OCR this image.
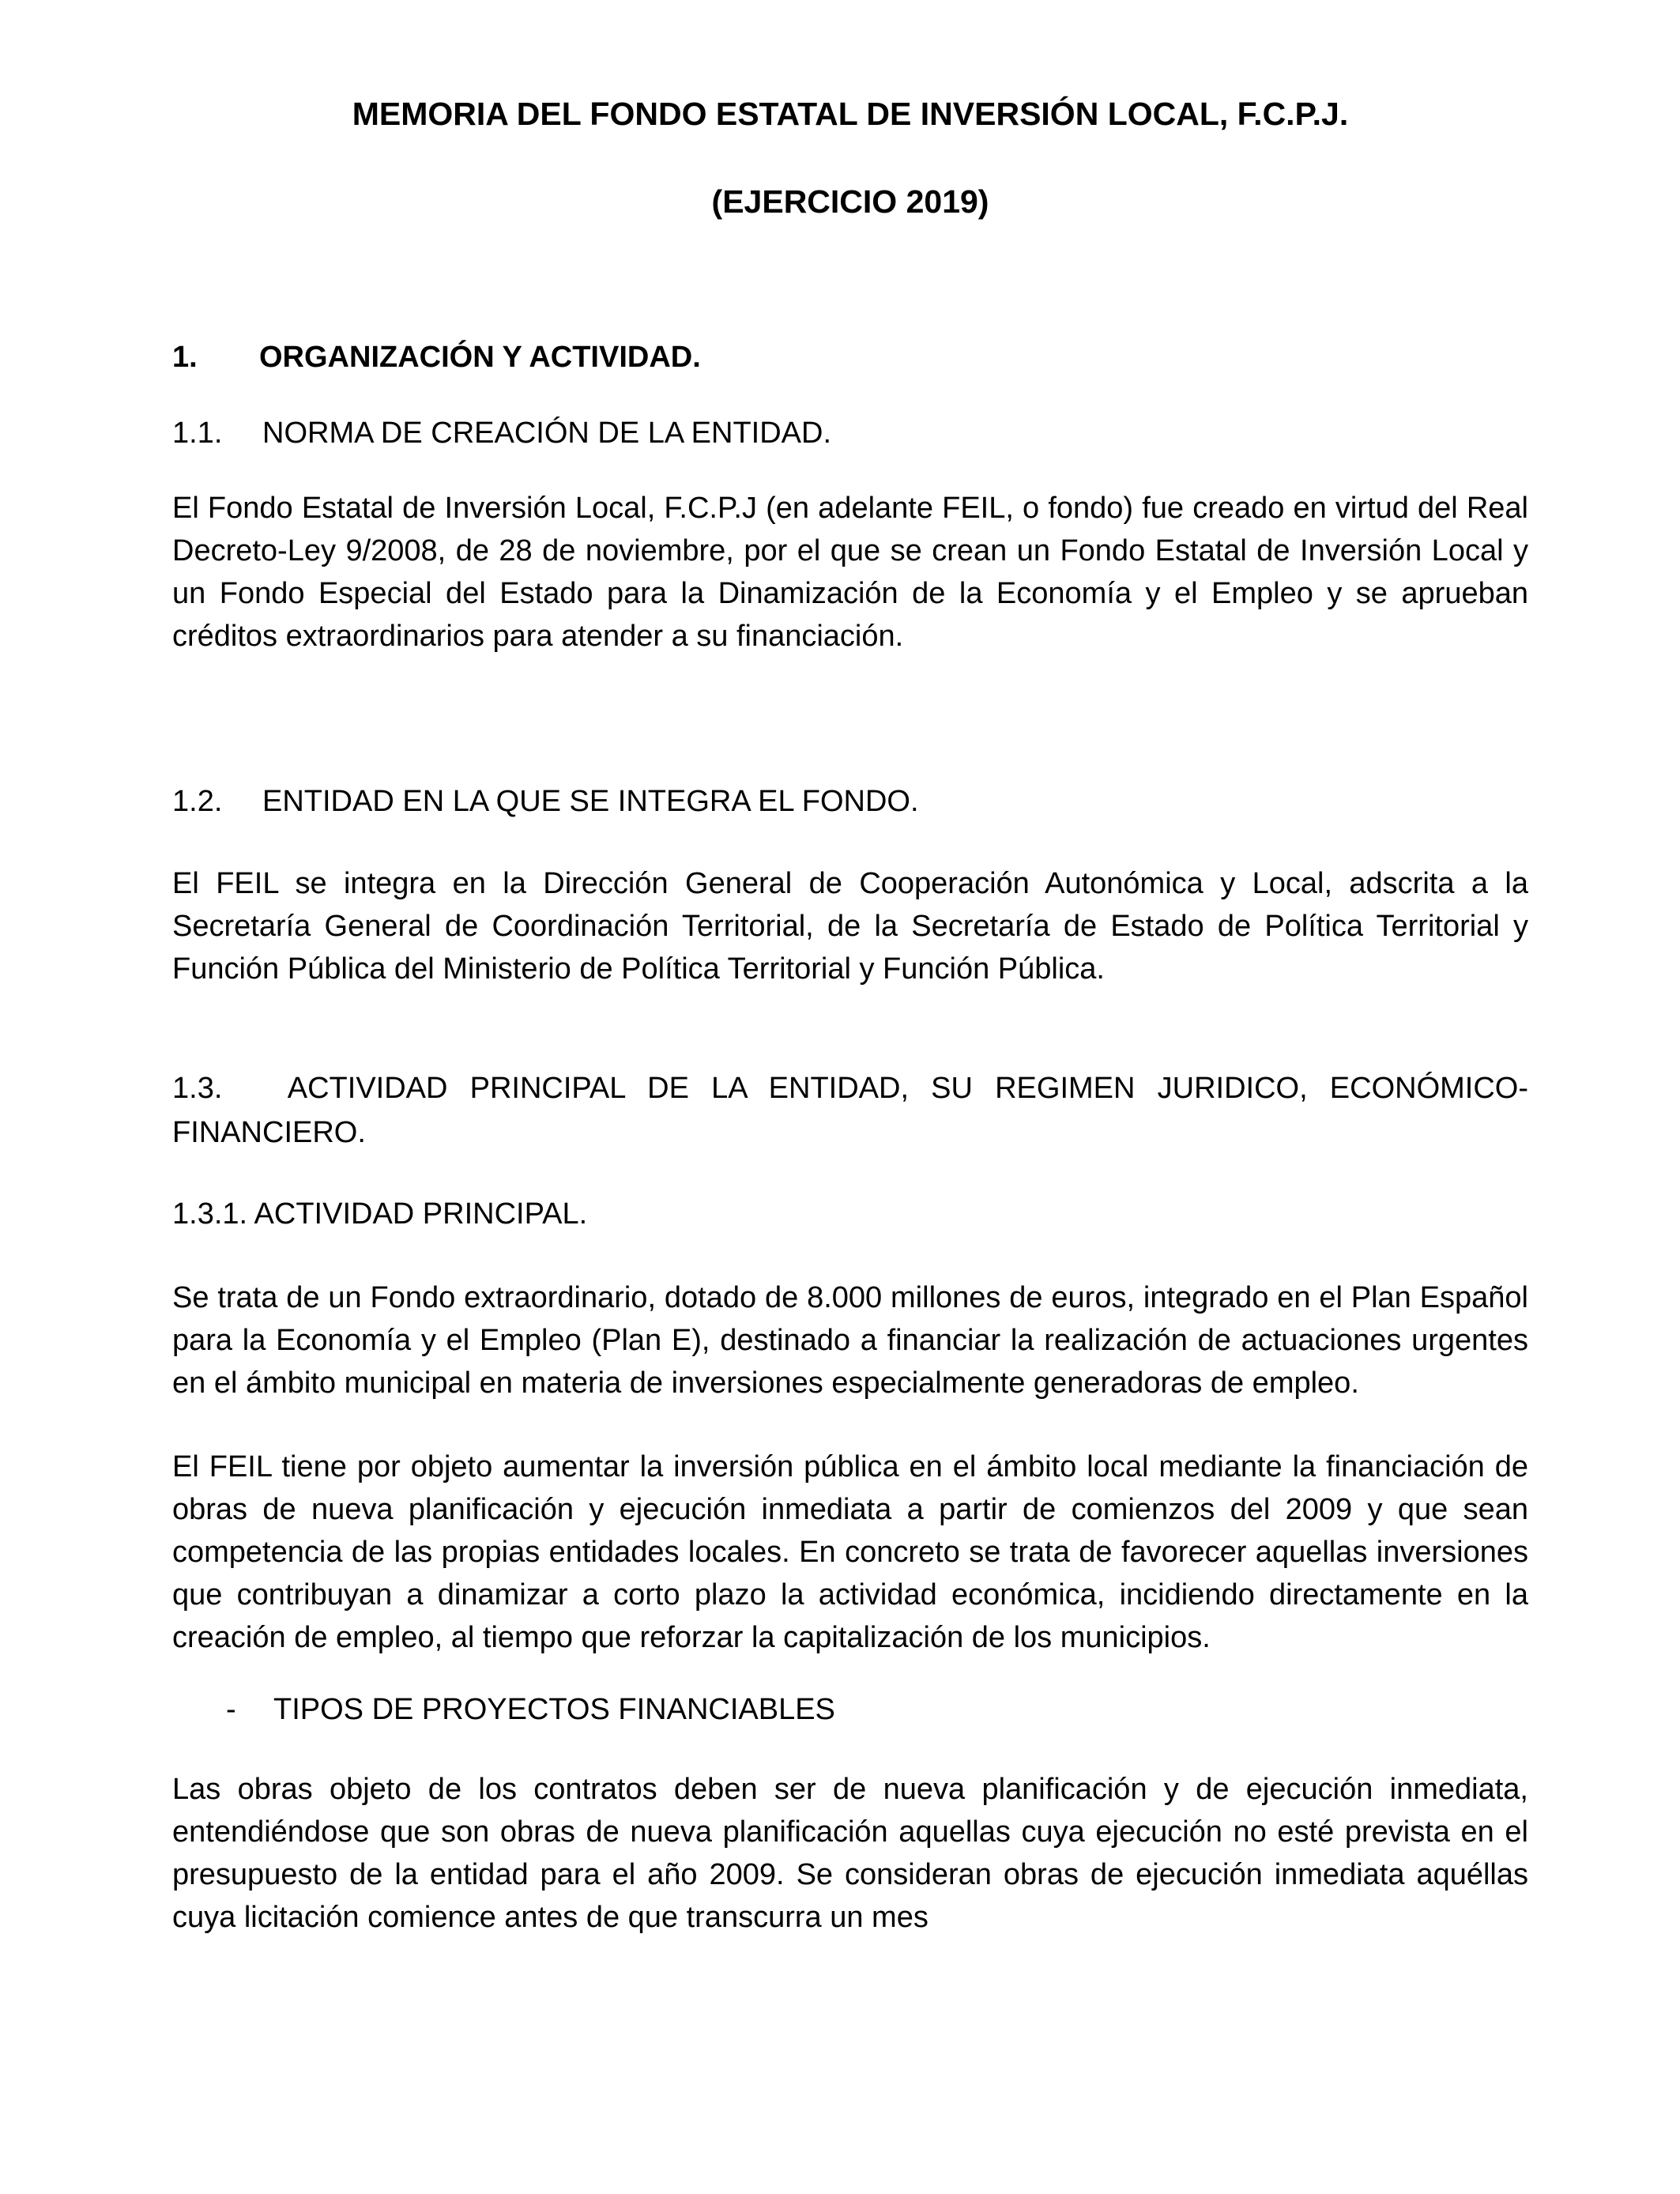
MEMORIA DEL FONDO ESTATAL DE INVERSIÓN LOCAL, F.C.P.J.

(EJERCICIO 2019)

1.	ORGANIZACIÓN Y ACTIVIDAD.

1.1.	NORMA DE CREACIÓN DE LA ENTIDAD.

El Fondo Estatal de Inversión Local, F.C.P.J (en adelante FEIL, o fondo) fue creado en virtud del Real Decreto-Ley 9/2008, de 28 de noviembre, por el que se crean un Fondo Estatal de Inversión Local y un Fondo Especial del Estado para la Dinamización de la Economía y el Empleo y se aprueban créditos extraordinarios para atender a su financiación.

1.2.	ENTIDAD EN LA QUE SE INTEGRA EL FONDO.

El FEIL se integra en la Dirección General de Cooperación Autonómica y Local, adscrita a la Secretaría General de Coordinación Territorial, de la Secretaría de Estado de Política Territorial y Función Pública del Ministerio de Política Territorial y Función Pública.

1.3.   ACTIVIDAD PRINCIPAL DE LA ENTIDAD, SU REGIMEN JURIDICO, ECONÓMICO-FINANCIERO.

1.3.1. ACTIVIDAD PRINCIPAL.

Se trata de un Fondo extraordinario, dotado de 8.000 millones de euros, integrado en el Plan Español para la Economía y el Empleo (Plan E), destinado a financiar la realización de actuaciones urgentes en el ámbito municipal en materia de inversiones especialmente generadoras de empleo.

El FEIL tiene por objeto aumentar la inversión pública en el ámbito local mediante la financiación de obras de nueva planificación y ejecución inmediata a partir de comienzos del 2009 y que sean competencia de las propias entidades locales. En concreto se trata de favorecer aquellas inversiones que contribuyan a dinamizar a corto plazo la actividad económica, incidiendo directamente en la creación de empleo, al tiempo que reforzar la capitalización de los municipios.

-	TIPOS DE PROYECTOS FINANCIABLES

Las obras objeto de los contratos deben ser de nueva planificación y de ejecución inmediata, entendiéndose que son obras de nueva planificación aquellas cuya ejecución no esté prevista en el presupuesto de la entidad para el año 2009. Se consideran obras de ejecución inmediata aquéllas cuya licitación comience antes de que transcurra un mes
